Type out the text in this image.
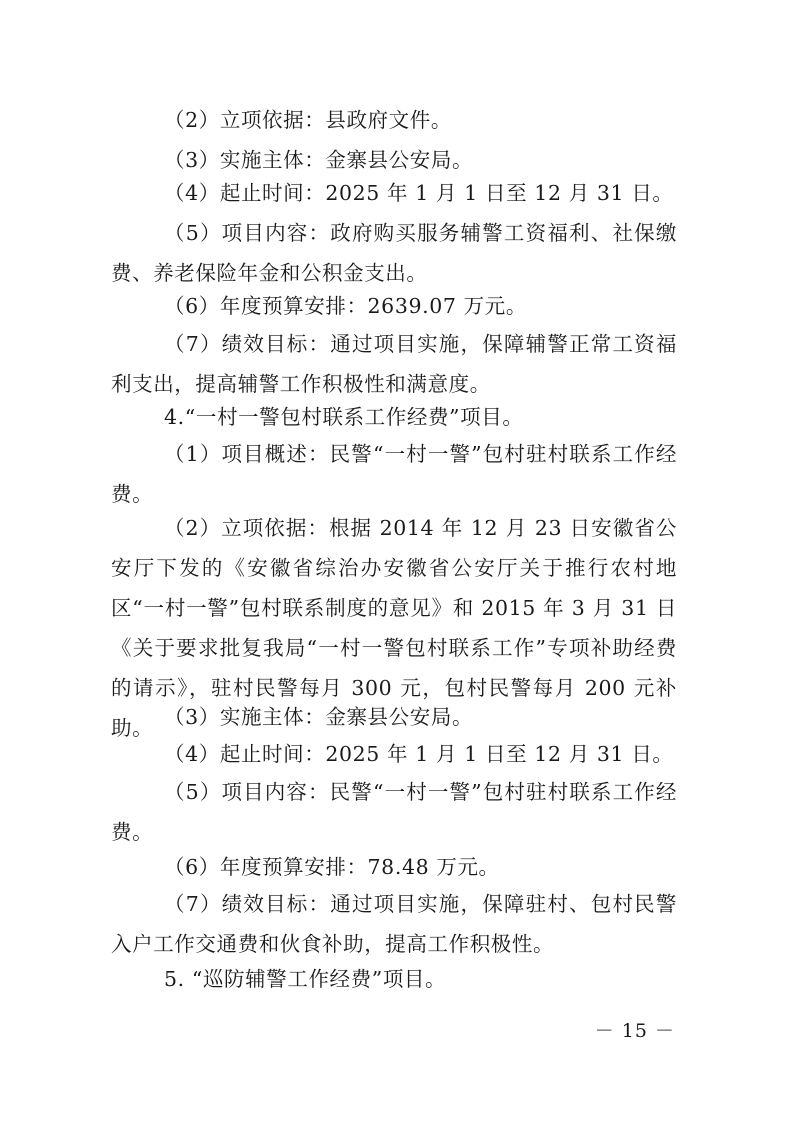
（2）立项依据：县政府文件。

（3）实施主体：金寨县公安局。

（4）起止时间：2025 年 1 月 1 日至 12 月 31 日。

（5）项目内容：政府购买服务辅警工资福利、社保缴费、养老保险年金和公积金支出。

（6）年度预算安排：2639.07 万元。

（7）绩效目标：通过项目实施，保障辅警正常工资福利支出，提高辅警工作积极性和满意度。

4.“一村一警包村联系工作经费”项目。

（1）项目概述：民警“一村一警”包村驻村联系工作经费。

（2）立项依据：根据 2014 年 12 月 23 日安徽省公安厅下发的《安徽省综治办安徽省公安厅关于推行农村地区“一村一警”包村联系制度的意见》和 2015 年 3 月 31 日《关于要求批复我局“一村一警包村联系工作”专项补助经费的请示》，驻村民警每月 300 元，包村民警每月 200 元补助。 （3）实施主体：金寨县公安局。

（4）起止时间：2025 年 1 月 1 日至 12 月 31 日。

（5）项目内容：民警“一村一警”包村驻村联系工作经费。

（6）年度预算安排：78.48 万元。

（7）绩效目标：通过项目实施，保障驻村、包村民警入户工作交通费和伙食补助，提高工作积极性。

5. “巡防辅警工作经费”项目。

－ 15 －
